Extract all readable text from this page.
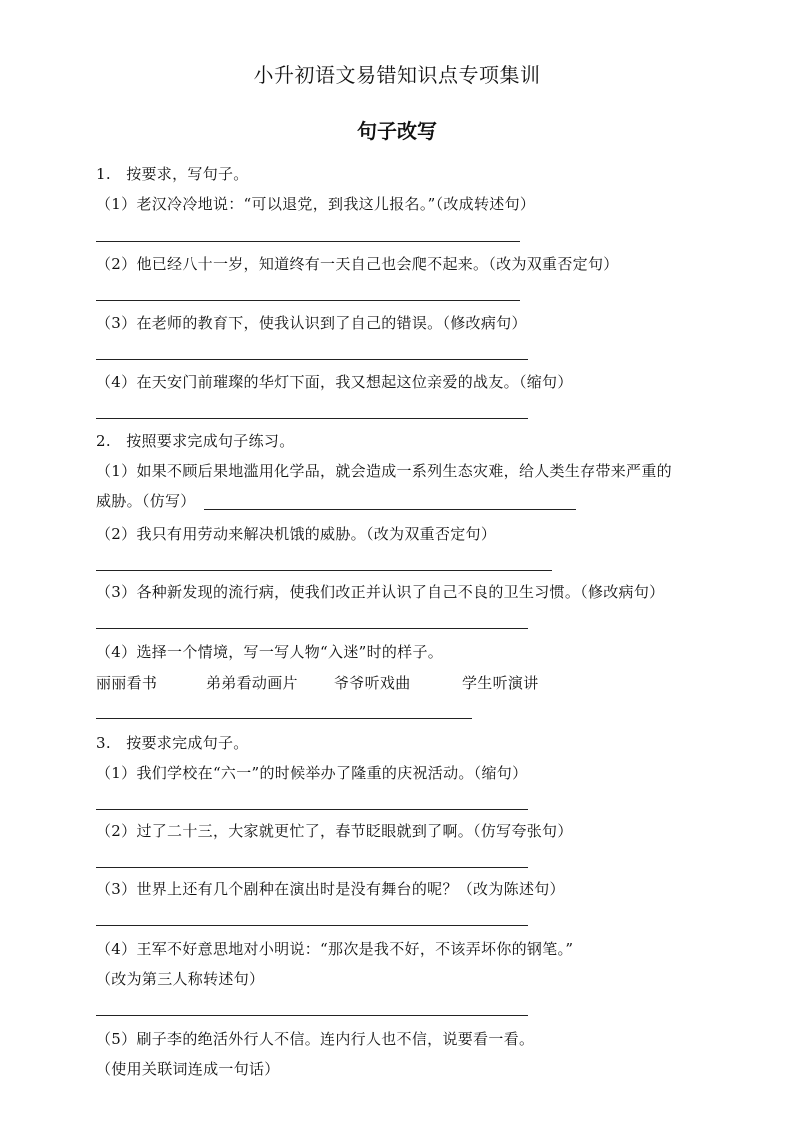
小升初语文易错知识点专项集训
句子改写
1.　按要求，写句子。
（1）老汉冷冷地说：“可以退党，到我这儿报名。”（改成转述句）
（2）他已经八十一岁，知道终有一天自己也会爬不起来。（改为双重否定句）
（3）在老师的教育下，使我认识到了自己的错误。（修改病句）
（4）在天安门前璀璨的华灯下面，我又想起这位亲爱的战友。（缩句）
2.　按照要求完成句子练习。
（1）如果不顾后果地滥用化学品，就会造成一系列生态灾难，给人类生存带来严重的
威胁。（仿写）
（2）我只有用劳动来解决机饿的威胁。（改为双重否定句）
（3）各种新发现的流行病，使我们改正并认识了自己不良的卫生习惯。（修改病句）
（4）选择一个情境，写一写人物“入迷”时的样子。
丽丽看书	弟弟看动画片 爷爷听戏曲	学生听演讲
3.　按要求完成句子。
（1）我们学校在“六一”的时候举办了隆重的庆祝活动。（缩句）
（2）过了二十三，大家就更忙了，春节眨眼就到了啊。（仿写夸张句）
（3）世界上还有几个剧种在演出时是没有舞台的呢？（改为陈述句）
（4）王军不好意思地对小明说：“那次是我不好，不该弄坏你的钢笔。”
（改为第三人称转述句）
（5）刷子李的绝活外行人不信。连内行人也不信，说要看一看。
（使用关联词连成一句话）
